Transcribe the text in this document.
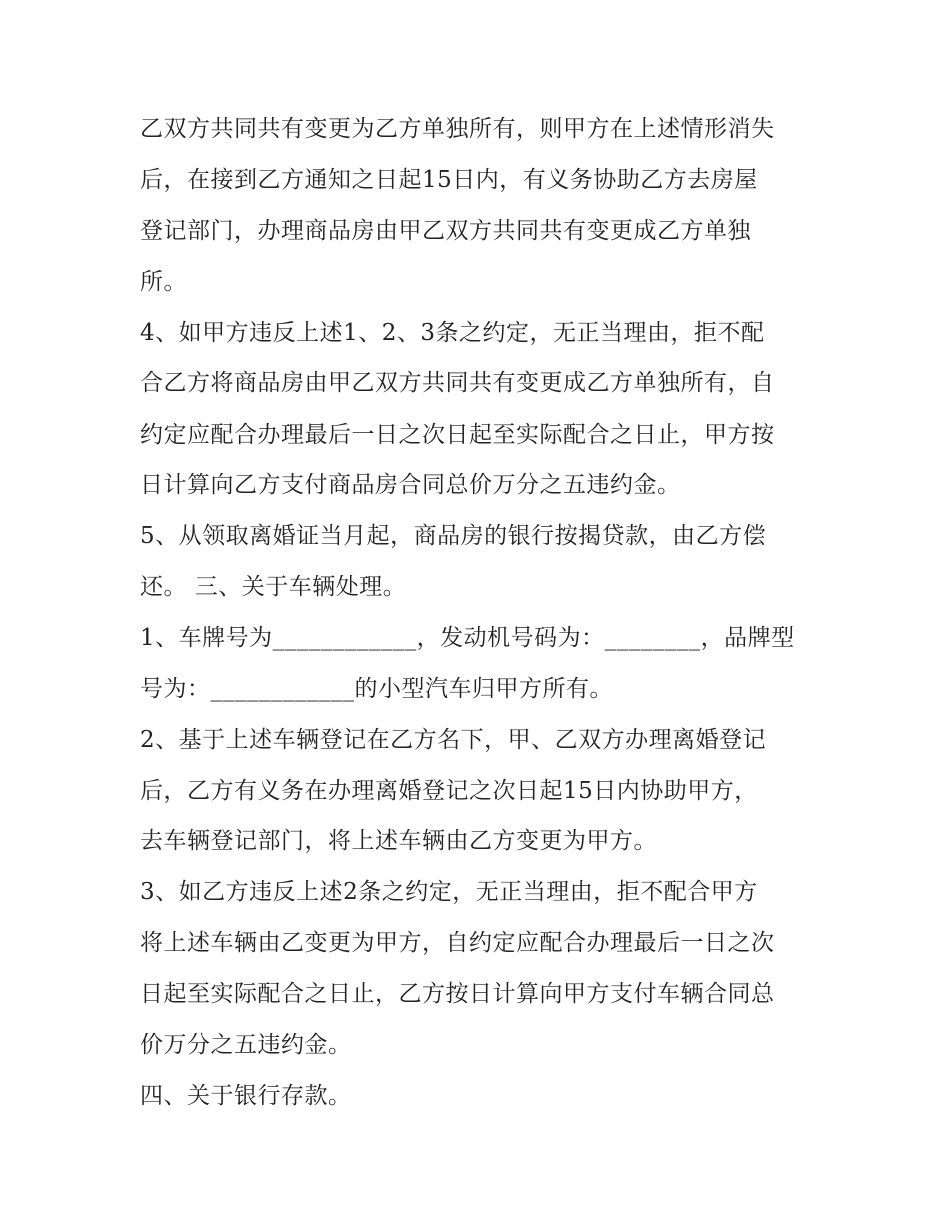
乙双方共同共有变更为乙方单独所有，则甲方在上述情形消失
后，在接到乙方通知之日起15日内，有义务协助乙方去房屋
登记部门，办理商品房由甲乙双方共同共有变更成乙方单独
所。
4、如甲方违反上述1、2、3条之约定，无正当理由，拒不配
合乙方将商品房由甲乙双方共同共有变更成乙方单独所有，自
约定应配合办理最后一日之次日起至实际配合之日止，甲方按
日计算向乙方支付商品房合同总价万分之五违约金。
5、从领取离婚证当月起，商品房的银行按揭贷款，由乙方偿
还。 三、关于车辆处理。
1、车牌号为____________，发动机号码为：________，品牌型
号为：____________的小型汽车归甲方所有。
2、基于上述车辆登记在乙方名下，甲、乙双方办理离婚登记
后，乙方有义务在办理离婚登记之次日起15日内协助甲方，
去车辆登记部门，将上述车辆由乙方变更为甲方。
3、如乙方违反上述2条之约定，无正当理由，拒不配合甲方
将上述车辆由乙变更为甲方，自约定应配合办理最后一日之次
日起至实际配合之日止，乙方按日计算向甲方支付车辆合同总
价万分之五违约金。
四、关于银行存款。
